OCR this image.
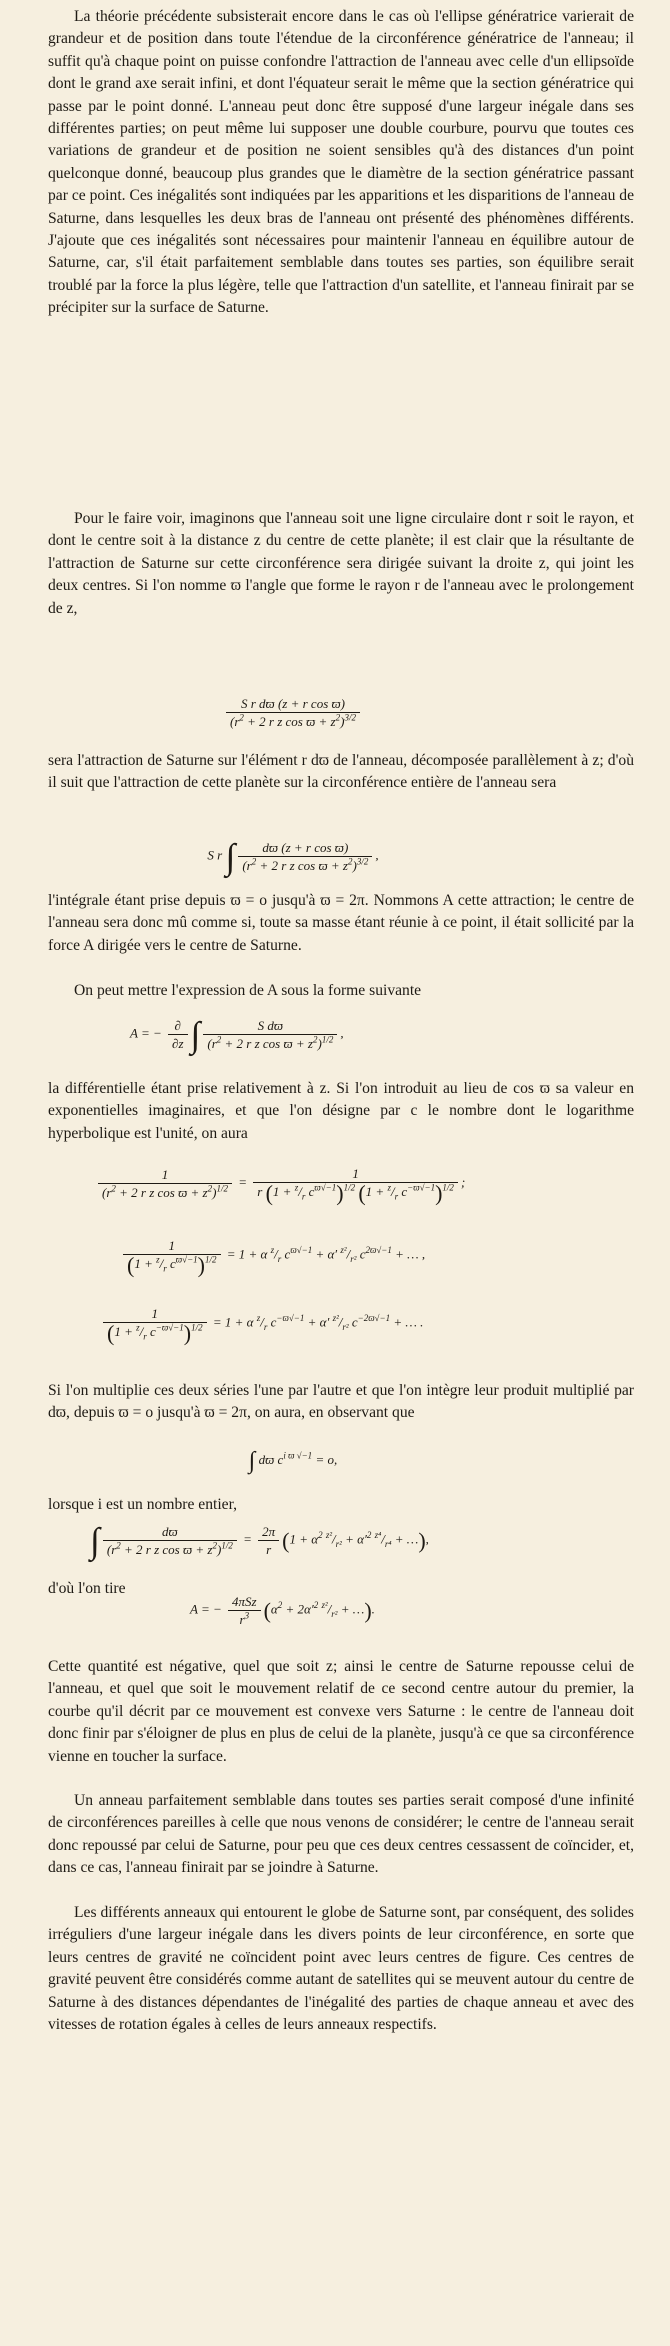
La théorie précédente subsisterait encore dans le cas où l'ellipse génératrice varierait de grandeur et de position dans toute l'étendue de la circonférence génératrice de l'anneau; il suffit qu'à chaque point on puisse confondre l'attraction de l'anneau avec celle d'un ellipsoïde dont le grand axe serait infini, et dont l'équateur serait le même que la section génératrice qui passe par le point donné. L'anneau peut donc être supposé d'une largeur inégale dans ses différentes parties; on peut même lui supposer une double courbure, pourvu que toutes ces variations de grandeur et de position ne soient sensibles qu'à des distances d'un point quelconque donné, beaucoup plus grandes que le diamètre de la section génératrice passant par ce point. Ces inégalités sont indiquées par les apparitions et les disparitions de l'anneau de Saturne, dans lesquelles les deux bras de l'anneau ont présenté des phénomènes différents. J'ajoute que ces inégalités sont nécessaires pour maintenir l'anneau en équilibre autour de Saturne, car, s'il était parfaitement semblable dans toutes ses parties, son équilibre serait troublé par la force la plus légère, telle que l'attraction d'un satellite, et l'anneau finirait par se précipiter sur la surface de Saturne.

Pour le faire voir, imaginons que l'anneau soit une ligne circulaire dont r soit le rayon, et dont le centre soit à la distance z du centre de cette planète; il est clair que la résultante de l'attraction de Saturne sur cette circonférence sera dirigée suivant la droite z, qui joint les deux centres. Si l'on nomme ϖ l'angle que forme le rayon r de l'anneau avec le prolongement de z,

$\frac{\text{S r dϖ (z + r cos ϖ)}}{(r^2 + 2 r z \cos ϖ + z^2)^{3/2}}$

sera l'attraction de Saturne sur l'élément r dϖ de l'anneau, décomposée parallèlement à z; d'où il suit que l'attraction de cette planète sur la circonférence entière de l'anneau sera

S r ∫ $\frac{\text{dϖ (z + r cos ϖ)}}{(r^2 + 2 r z \cos ϖ + z^2)^{3/2}}$ ,

l'intégrale étant prise depuis ϖ = o jusqu'à ϖ = 2π. Nommons A cette attraction; le centre de l'anneau sera donc mû comme si, toute sa masse étant réunie à ce point, il était sollicité par la force A dirigée vers le centre de Saturne.

On peut mettre l'expression de A sous la forme suivante

A = − $\frac{\partial}{\partial z}$ ∫ $\frac{\text{S dϖ}}{(r^2 + 2 r z \cos ϖ + z^2)^{1/2}}$ ,

la différentielle étant prise relativement à z. Si l'on introduit au lieu de cos ϖ sa valeur en exponentielles imaginaires, et que l'on désigne par c le nombre dont le logarithme hyperbolique est l'unité, on aura

$\frac{1}{(r^2 + 2 r z \cos ϖ + z^2)^{1/2}} = \frac{1}{r (1 + ^z/_r c^{ϖ√-1})^{1/2} (1 + ^z/_r c^{-ϖ√-1})^{1/2}}$ ;
$\frac{1}{(1 + ^z/_r c^{ϖ√-1})^{1/2}} = 1 + \alpha$ $^z/_r$ $c^{ϖ√-1} + \alpha'$ $^{z^2}/_{r^2}$ $c^{2ϖ√-1}$ + … ,
$\frac{1}{(1 + ^z/_r c^{-ϖ√-1})^{1/2}} = 1 + \alpha$ $^z/_r$ $c^{-ϖ√-1} + \alpha'$ $^{z^2}/_{r^2}$ $c^{-2ϖ√-1}$ + … .

Si l'on multiplie ces deux séries l'une par l'autre et que l'on intègre leur produit multiplié par dϖ, depuis ϖ = o jusqu'à ϖ = 2π, on aura, en observant que

∫ dϖ $c^{i ϖ √-1} = o$,

lorsque i est un nombre entier,

∫ $\frac{dϖ}{(r^2 + 2 r z \cos ϖ + z^2)^{1/2}} = \frac{2\pi}{r} (1 + \alpha^2$ $^{z^2}/_{r^2} + \alpha'^2$ $^{z^4}/_{r^4}$ + …),

d'où l'on tire

A = − $\frac{\text{4πSz}}{r^3} (\alpha^2 + 2\alpha'^2$ $^{z^2}/_{r^2}$ + …).

Cette quantité est négative, quel que soit z; ainsi le centre de Saturne repousse celui de l'anneau, et quel que soit le mouvement relatif de ce second centre autour du premier, la courbe qu'il décrit par ce mouvement est convexe vers Saturne : le centre de l'anneau doit donc finir par s'éloigner de plus en plus de celui de la planète, jusqu'à ce que sa circonférence vienne en toucher la surface.

Un anneau parfaitement semblable dans toutes ses parties serait composé d'une infinité de circonférences pareilles à celle que nous venons de considérer; le centre de l'anneau serait donc repoussé par celui de Saturne, pour peu que ces deux centres cessassent de coïncider, et, dans ce cas, l'anneau finirait par se joindre à Saturne.

Les différents anneaux qui entourent le globe de Saturne sont, par conséquent, des solides irréguliers d'une largeur inégale dans les divers points de leur circonférence, en sorte que leurs centres de gravité ne coïncident point avec leurs centres de figure. Ces centres de gravité peuvent être considérés comme autant de satellites qui se meuvent autour du centre de Saturne à des distances dépendantes de l'inégalité des parties de chaque anneau et avec des vitesses de rotation égales à celles de leurs anneaux respectifs.
